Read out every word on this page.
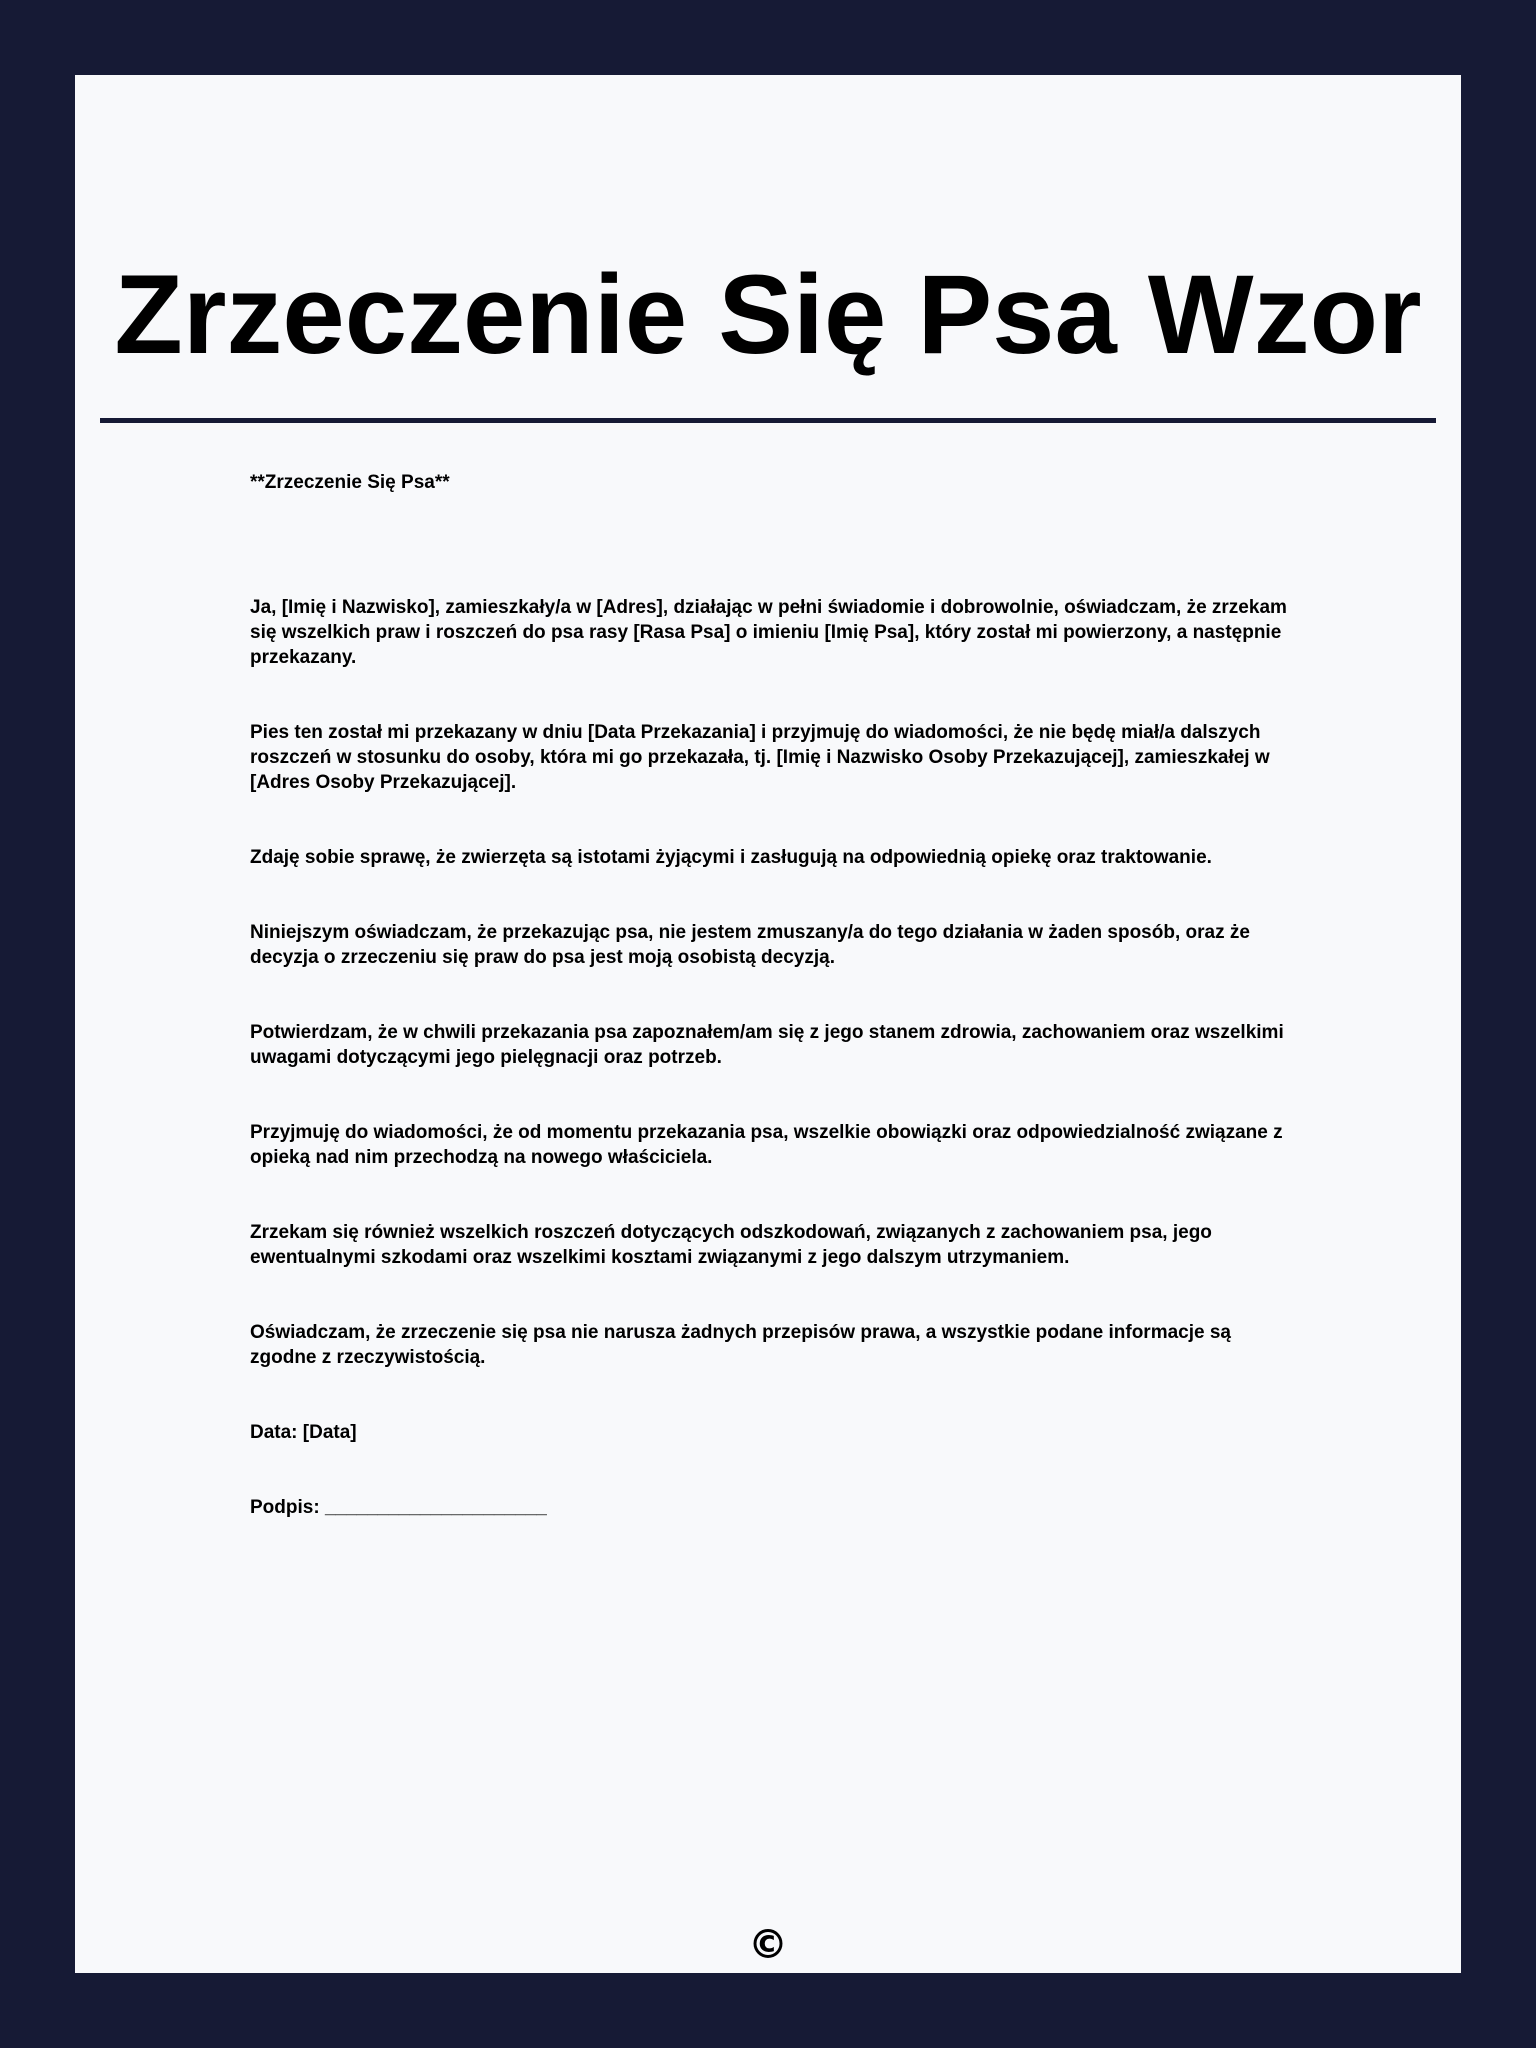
Zrzeczenie Się Psa Wzor

**Zrzeczenie Się Psa**

Ja, [Imię i Nazwisko], zamieszkały/a w [Adres], działając w pełni świadomie i dobrowolnie, oświadczam, że zrzekam się wszelkich praw i roszczeń do psa rasy [Rasa Psa] o imieniu [Imię Psa], który został mi powierzony, a następnie przekazany.

Pies ten został mi przekazany w dniu [Data Przekazania] i przyjmuję do wiadomości, że nie będę miał/a dalszych roszczeń w stosunku do osoby, która mi go przekazała, tj. [Imię i Nazwisko Osoby Przekazującej], zamieszkałej w [Adres Osoby Przekazującej].

Zdaję sobie sprawę, że zwierzęta są istotami żyjącymi i zasługują na odpowiednią opiekę oraz traktowanie.

Niniejszym oświadczam, że przekazując psa, nie jestem zmuszany/a do tego działania w żaden sposób, oraz że decyzja o zrzeczeniu się praw do psa jest moją osobistą decyzją.

Potwierdzam, że w chwili przekazania psa zapoznałem/am się z jego stanem zdrowia, zachowaniem oraz wszelkimi uwagami dotyczącymi jego pielęgnacji oraz potrzeb.

Przyjmuję do wiadomości, że od momentu przekazania psa, wszelkie obowiązki oraz odpowiedzialność związane z opieką nad nim przechodzą na nowego właściciela.

Zrzekam się również wszelkich roszczeń dotyczących odszkodowań, związanych z zachowaniem psa, jego ewentualnymi szkodami oraz wszelkimi kosztami związanymi z jego dalszym utrzymaniem.

Oświadczam, że zrzeczenie się psa nie narusza żadnych przepisów prawa, a wszystkie podane informacje są zgodne z rzeczywistością.

Data: [Data]

Podpis: _____________________

©
